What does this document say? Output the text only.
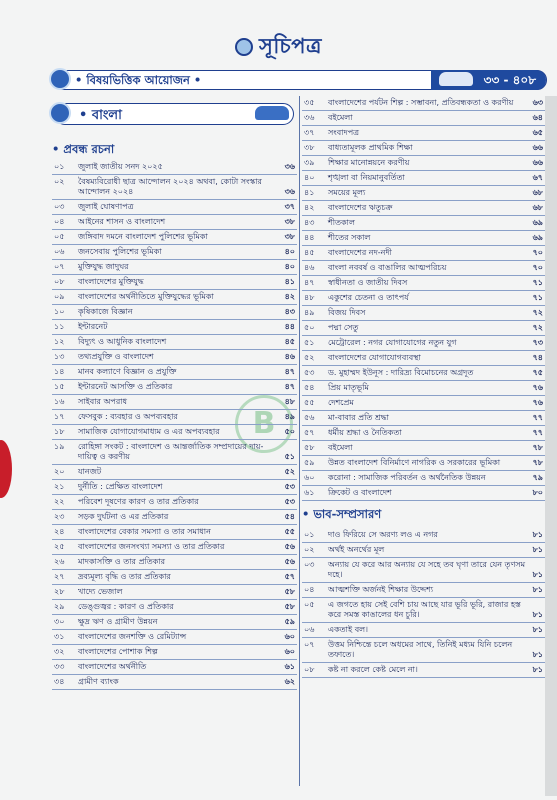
B
সূচিপত্র
• বিষয়ভিত্তিক আয়োজন •	৩৩ - ৪০৮
• বাংলা
• প্রবন্ধ রচনা
০১ জুলাই জাতীয় সনদ ২০২৫	৩৬
০২ বৈষম্যবিরোধী ছাত্র আন্দোলন ২০২৪ অথবা, কোটা সংস্কার আন্দোলন ২০২৪	৩৬
০৩ জুলাই ঘোষণাপত্র	৩৭
০৪ আইনের শাসন ও বাংলাদেশ	৩৮
০৫ জঙ্গিবাদ দমনে বাংলাদেশ পুলিশের ভূমিকা	৩৮
০৬ জনসেবায় পুলিশের ভূমিকা	৪০
০৭ মুক্তিযুদ্ধ জাদুঘর	৪০
০৮ বাংলাদেশের মুক্তিযুদ্ধ	৪১
০৯ বাংলাদেশের অর্থনীতিতে মুক্তিযুদ্ধের ভূমিকা	৪২
১০ কৃষিকাজে বিজ্ঞান	৪৩
১১ ইন্টারনেট	৪৪
১২ বিদ্যুৎ ও আধুনিক বাংলাদেশ	৪৫
১৩ তথ্যপ্রযুক্তি ও বাংলাদেশ	৪৬
১৪ মানব কল্যাণে বিজ্ঞান ও প্রযুক্তি	৪৭
১৫ ইন্টারনেট আসক্তি ও প্রতিকার	৪৭
১৬ সাইবার অপরাধ	৪৮
১৭ ফেসবুক : ব্যবহার ও অপব্যবহার	৪৯
১৮ সামাজিক যোগাযোগমাধ্যম ও এর অপব্যবহার	৫০
১৯ রোহিঙ্গা সংকট : বাংলাদেশ ও আন্তর্জাতিক সম্প্রদায়ের দায়-দায়িত্ব ও করণীয়	৫১
২০ যানজট	৫২
২১ দুর্নীতি : প্রেক্ষিত বাংলাদেশ	৫৩
২২ পরিবেশ দূষণের কারণ ও তার প্রতিকার	৫৩
২৩ সড়ক দুর্ঘটনা ও এর প্রতিকার	৫৪
২৪ বাংলাদেশের বেকার সমস্যা ও তার সমাধান	৫৫
২৫ বাংলাদেশের জনসংখ্যা সমস্যা ও তার প্রতিকার	৫৬
২৬ মাদকাসক্তি ও তার প্রতিকার	৫৬
২৭ দ্রব্যমূল্য বৃদ্ধি ও তার প্রতিকার	৫৭
২৮ খাদ্যে ভেজাল	৫৮
২৯ ডেঙ্গুজ্বর : কারণ ও প্রতিকার	৫৮
৩০ ক্ষুদ্র ঋণ ও গ্রামীণ উন্নয়ন	৫৯
৩১ বাংলাদেশের জনশক্তি ও রেমিট্যান্স	৬০
৩২ বাংলাদেশের পোশাক শিল্প	৬০
৩৩ বাংলাদেশের অর্থনীতি	৬১
৩৪ গ্রামীণ ব্যাংক	৬২
৩৫ বাংলাদেশের পর্যটন শিল্প : সম্ভাবনা, প্রতিবন্ধকতা ও করণীয় ৬৩
৩৬ বইমেলা	৬৪
৩৭ সংবাদপত্র	৬৫
৩৮ বাধ্যতামূলক প্রাথমিক শিক্ষা	৬৬
৩৯ শিক্ষার মানোন্নয়নে করণীয়	৬৬
৪০ শৃঙ্খলা বা নিয়মানুবর্তিতা	৬৭
৪১ সময়ের মূল্য	৬৮
৪২ বাংলাদেশের ঋতুচক্র	৬৮
৪৩ শীতকাল	৬৯
৪৪ শীতের সকাল	৬৯
৪৫ বাংলাদেশের নদ-নদী	৭০
৪৬ বাংলা নববর্ষ ও বাঙালির আত্মপরিচয়	৭০
৪৭ স্বাধীনতা ও জাতীয় দিবস	৭১
৪৮ একুশের চেতনা ও তাৎপর্য	৭১
৪৯ বিজয় দিবস	৭২
৫০ পদ্মা সেতু	৭২
৫১ মেট্রোরেল : নগর যোগাযোগের নতুন যুগ	৭৩
৫২ বাংলাদেশের যোগাযোগব্যবস্থা	৭৪
৫৩ ড. মুহাম্মদ ইউনূস : দারিদ্র্য বিমোচনের অগ্রদূত	৭৫
৫৪ প্রিয় মাতৃভূমি	৭৬
৫৫ দেশপ্রেম	৭৬
৫৬ মা-বাবার প্রতি শ্রদ্ধা	৭৭
৫৭ ধর্মীয় শ্রদ্ধা ও নৈতিকতা	৭৭
৫৮ বইমেলা	৭৮
৫৯ উন্নত বাংলাদেশ বিনির্মাণে নাগরিক ও সরকারের ভূমিকা	৭৮
৬০ করোনা : সামাজিক পরিবর্তন ও অর্থনৈতিক উন্নয়ন	৭৯
৬১ ক্রিকেট ও বাংলাদেশ	৮০
• ভাব-সম্প্রসারণ
০১ দাও ফিরিয়ে সে অরণ্য লও এ নগর	৮১
০২ অর্থই অনর্থের মূল	৮১
০৩ অন্যায় যে করে আর অন্যায় যে সহে তব ঘৃণা তারে যেন তৃণসম দহে।	৮১
০৪ আত্মশক্তি অর্জনই শিক্ষার উদ্দেশ্য	৮১
০৫ এ জগতে হায় সেই বেশি চায় আছে যার ভূরি ভূরি, রাজার হস্ত করে সমস্ত কাঙালের ধন চুরি।	৮১
০৬ একতাই বল।	৮১
০৭ উত্তম নিশ্চিন্তে চলে অধমের সাথে, তিনিই মধ্যম যিনি চলেন তফাতে।	৮১
০৮ কষ্ট না করলে কেষ্ট মেলে না।	৮১
